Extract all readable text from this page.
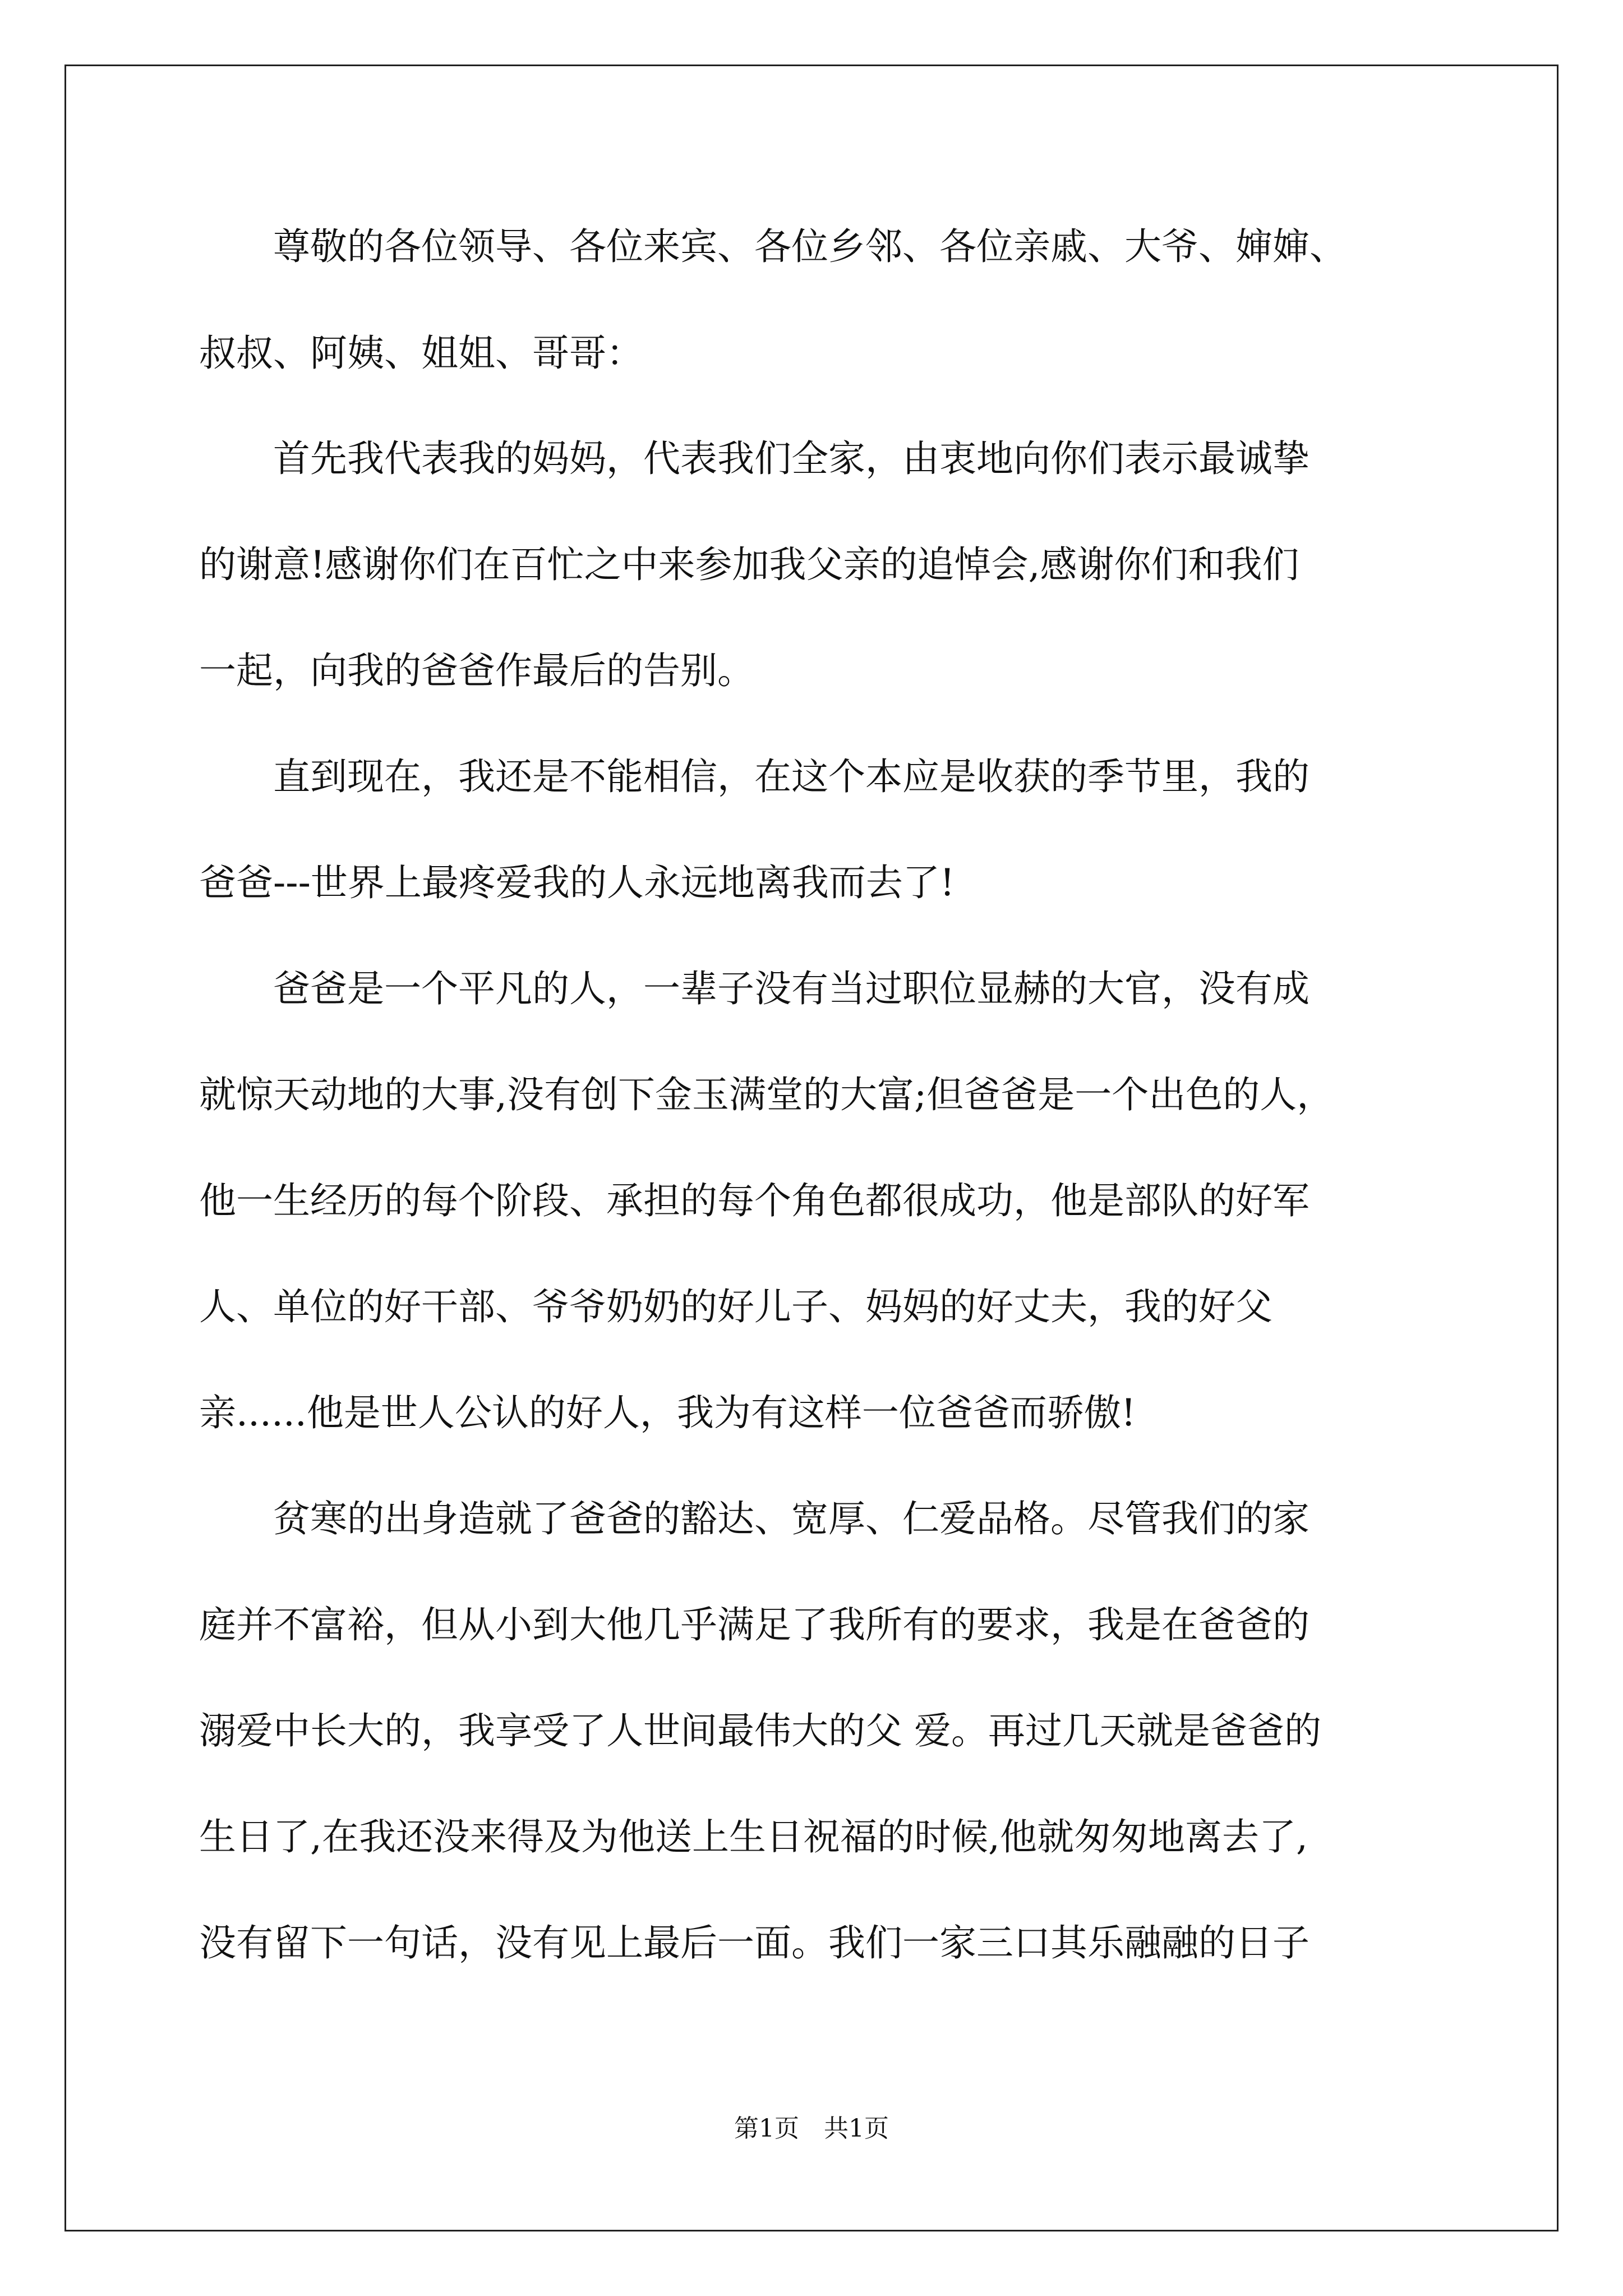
　　尊敬的各位领导、各位来宾、各位乡邻、各位亲戚、大爷、婶婶、
叔叔、阿姨、姐姐、哥哥：
　　首先我代表我的妈妈，代表我们全家，由衷地向你们表示最诚挚
的谢意!感谢你们在百忙之中来参加我父亲的追悼会,感谢你们和我们
一起，向我的爸爸作最后的告别。
　　直到现在，我还是不能相信，在这个本应是收获的季节里，我的
爸爸---世界上最疼爱我的人永远地离我而去了!
　　爸爸是一个平凡的人，一辈子没有当过职位显赫的大官，没有成
就惊天动地的大事,没有创下金玉满堂的大富;但爸爸是一个出色的人，
他一生经历的每个阶段、承担的每个角色都很成功，他是部队的好军
人、单位的好干部、爷爷奶奶的好儿子、妈妈的好丈夫，我的好父
亲......他是世人公认的好人，我为有这样一位爸爸而骄傲!
　　贫寒的出身造就了爸爸的豁达、宽厚、仁爱品格。尽管我们的家
庭并不富裕，但从小到大他几乎满足了我所有的要求，我是在爸爸的
溺爱中长大的，我享受了人世间最伟大的父 爱。再过几天就是爸爸的
生日了,在我还没来得及为他送上生日祝福的时候,他就匆匆地离去了,
没有留下一句话，没有见上最后一面。我们一家三口其乐融融的日子
第1页　共1页
